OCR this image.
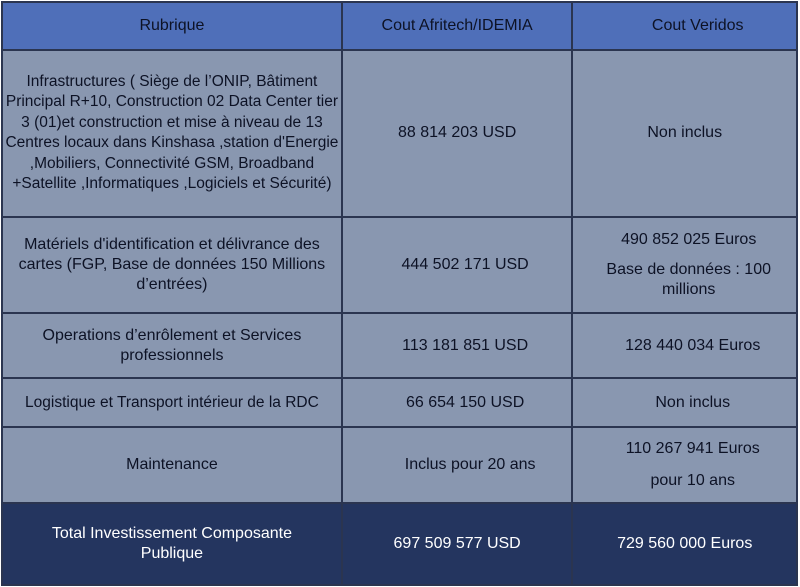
Rubrique	Cout Afritech/IDEMIA	Cout Veridos
Infrastructures ( Siège de l’ONIP, Bâtiment Principal R+10, Construction 02 Data Center tier 3 (01)et construction et mise à niveau de 13 Centres locaux dans Kinshasa ,station d'Energie ,Mobiliers, Connectivité GSM, Broadband +Satellite ,Informatiques ,Logiciels et Sécurité)	88 814 203 USD	Non inclus
Matériels d'identification et délivrance des cartes (FGP, Base de données 150 Millions d’entrées)	444 502 171 USD	490 852 025 Euros
Base de données : 100 millions

Operations d’enrôlement et Services professionnels	113 181 851 USD	128 440 034 Euros
Logistique et Transport intérieur de la RDC	66 654 150 USD	Non inclus
Maintenance	Inclus pour 20 ans	110 267 941 Euros
pour 10 ans

Total Investissement Composante Publique	697 509 577 USD	729 560 000 Euros
